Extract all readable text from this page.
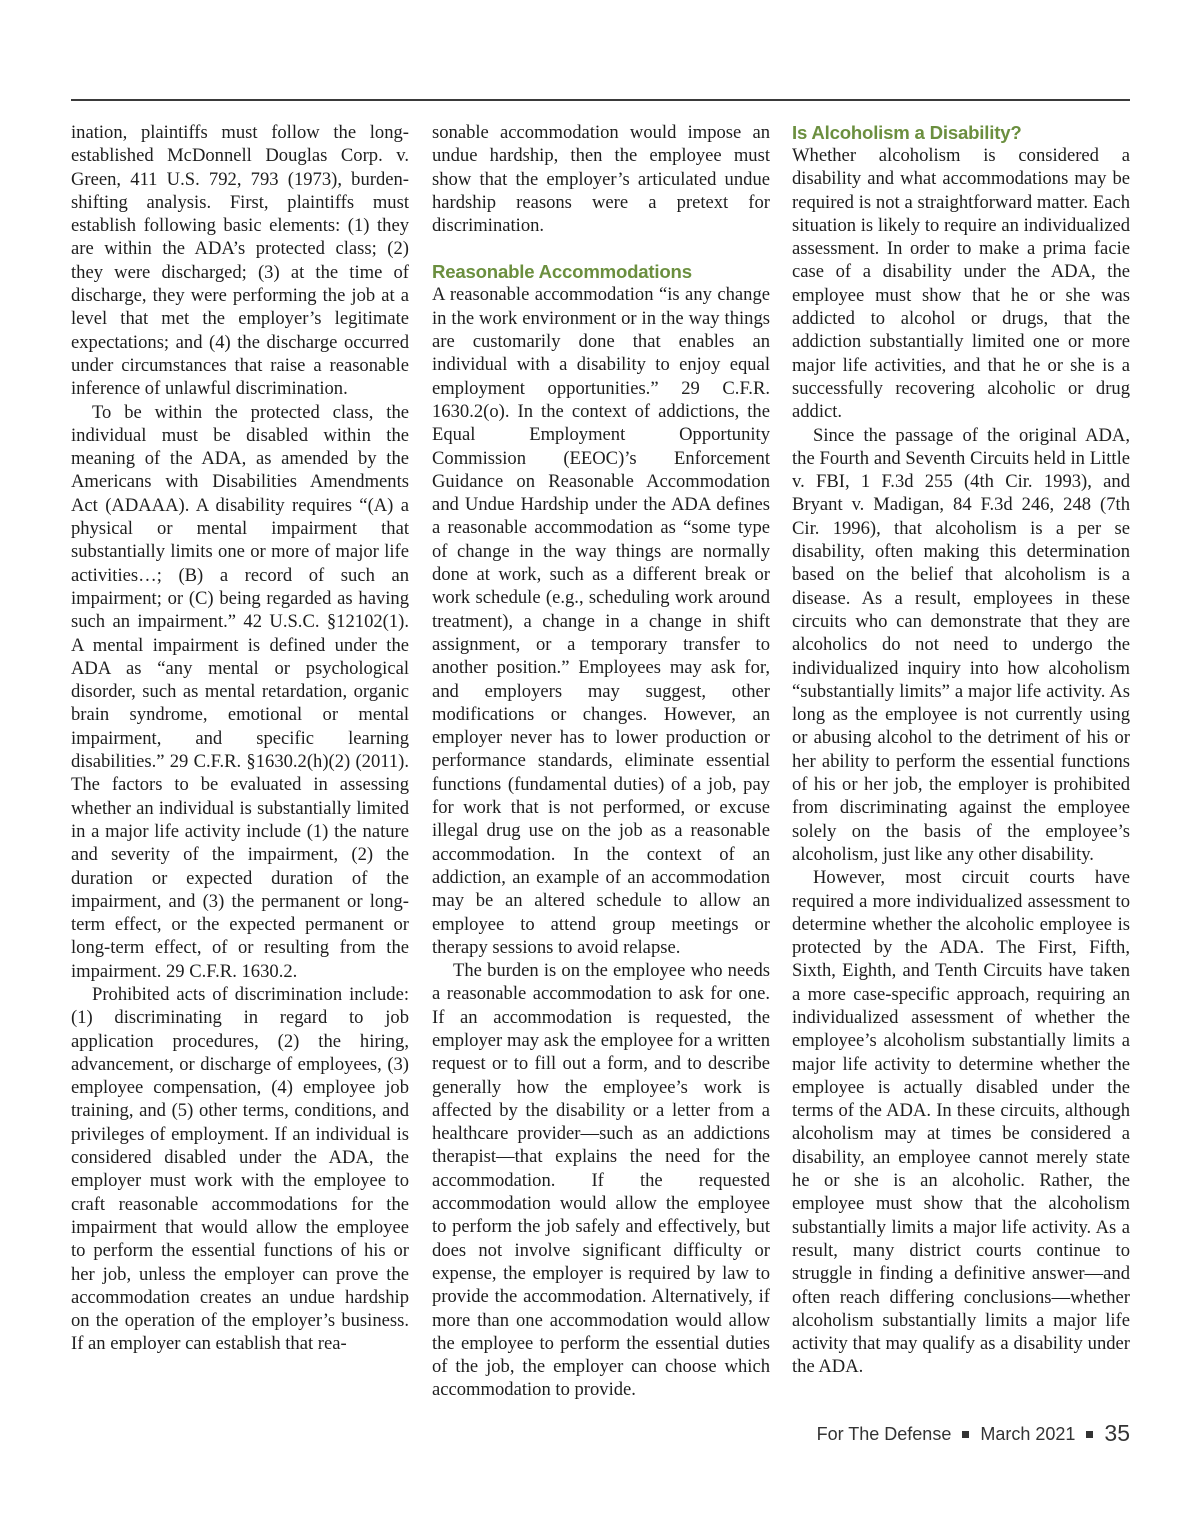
ination, plaintiffs must follow the long-established McDonnell Douglas Corp. v. Green, 411 U.S. 792, 793 (1973), burden-shifting analysis. First, plaintiffs must establish following basic elements: (1) they are within the ADA’s protected class; (2) they were discharged; (3) at the time of discharge, they were performing the job at a level that met the employer’s legitimate expectations; and (4) the discharge occurred under circumstances that raise a reasonable inference of unlawful discrimination.

To be within the protected class, the individual must be disabled within the meaning of the ADA, as amended by the Americans with Disabilities Amendments Act (ADAAA). A disability requires “(A) a physical or mental impairment that substantially limits one or more of major life activities…; (B) a record of such an impairment; or (C) being regarded as having such an impairment.” 42 U.S.C. §12102(1). A mental impairment is defined under the ADA as “any mental or psychological disorder, such as mental retardation, organic brain syndrome, emotional or mental impairment, and specific learning disabilities.” 29 C.F.R. §1630.2(h)(2) (2011). The factors to be evaluated in assessing whether an individual is substantially limited in a major life activity include (1) the nature and severity of the impairment, (2) the duration or expected duration of the impairment, and (3) the permanent or long-term effect, or the expected permanent or long-term effect, of or resulting from the impairment. 29 C.F.R. 1630.2.

Prohibited acts of discrimination include: (1) discriminating in regard to job application procedures, (2) the hiring, advancement, or discharge of employees, (3) employee compensation, (4) employee job training, and (5) other terms, conditions, and privileges of employment. If an individual is considered disabled under the ADA, the employer must work with the employee to craft reasonable accommodations for the impairment that would allow the employee to perform the essential functions of his or her job, unless the employer can prove the accommodation creates an undue hardship on the operation of the employer’s business. If an employer can establish that rea-

sonable accommodation would impose an undue hardship, then the employee must show that the employer’s articulated undue hardship reasons were a pretext for discrimination.

Reasonable Accommodations

A reasonable accommodation “is any change in the work environment or in the way things are customarily done that enables an individual with a disability to enjoy equal employment opportunities.” 29 C.F.R. 1630.2(o). In the context of addictions, the Equal Employment Opportunity Commission (EEOC)’s Enforcement Guidance on Reasonable Accommodation and Undue Hardship under the ADA defines a reasonable accommodation as “some type of change in the way things are normally done at work, such as a different break or work schedule (e.g., scheduling work around treatment), a change in a change in shift assignment, or a temporary transfer to another position.” Employees may ask for, and employers may suggest, other modifications or changes. However, an employer never has to lower production or performance standards, eliminate essential functions (fundamental duties) of a job, pay for work that is not performed, or excuse illegal drug use on the job as a reasonable accommodation. In the context of an addiction, an example of an accommodation may be an altered schedule to allow an employee to attend group meetings or therapy sessions to avoid relapse.

The burden is on the employee who needs a reasonable accommodation to ask for one. If an accommodation is requested, the employer may ask the employee for a written request or to fill out a form, and to describe generally how the employee’s work is affected by the disability or a letter from a healthcare provider—such as an addictions therapist—that explains the need for the accommodation. If the requested accommodation would allow the employee to perform the job safely and effectively, but does not involve significant difficulty or expense, the employer is required by law to provide the accommodation. Alternatively, if more than one accommodation would allow the employee to perform the essential duties of the job, the employer can choose which accommodation to provide.

Is Alcoholism a Disability?

Whether alcoholism is considered a disability and what accommodations may be required is not a straightforward matter. Each situation is likely to require an individualized assessment. In order to make a prima facie case of a disability under the ADA, the employee must show that he or she was addicted to alcohol or drugs, that the addiction substantially limited one or more major life activities, and that he or she is a successfully recovering alcoholic or drug addict.

Since the passage of the original ADA, the Fourth and Seventh Circuits held in Little v. FBI, 1 F.3d 255 (4th Cir. 1993), and Bryant v. Madigan, 84 F.3d 246, 248 (7th Cir. 1996), that alcoholism is a per se disability, often making this determination based on the belief that alcoholism is a disease. As a result, employees in these circuits who can demonstrate that they are alcoholics do not need to undergo the individualized inquiry into how alcoholism “substantially limits” a major life activity. As long as the employee is not currently using or abusing alcohol to the detriment of his or her ability to perform the essential functions of his or her job, the employer is prohibited from discriminating against the employee solely on the basis of the employee’s alcoholism, just like any other disability.

However, most circuit courts have required a more individualized assessment to determine whether the alcoholic employee is protected by the ADA. The First, Fifth, Sixth, Eighth, and Tenth Circuits have taken a more case-specific approach, requiring an individualized assessment of whether the employee’s alcoholism substantially limits a major life activity to determine whether the employee is actually disabled under the terms of the ADA. In these circuits, although alcoholism may at times be considered a disability, an employee cannot merely state he or she is an alcoholic. Rather, the employee must show that the alcoholism substantially limits a major life activity. As a result, many district courts continue to struggle in finding a definitive answer—and often reach differing conclusions—whether alcoholism substantially limits a major life activity that may qualify as a disability under the ADA.

For The Defense March 2021 35
